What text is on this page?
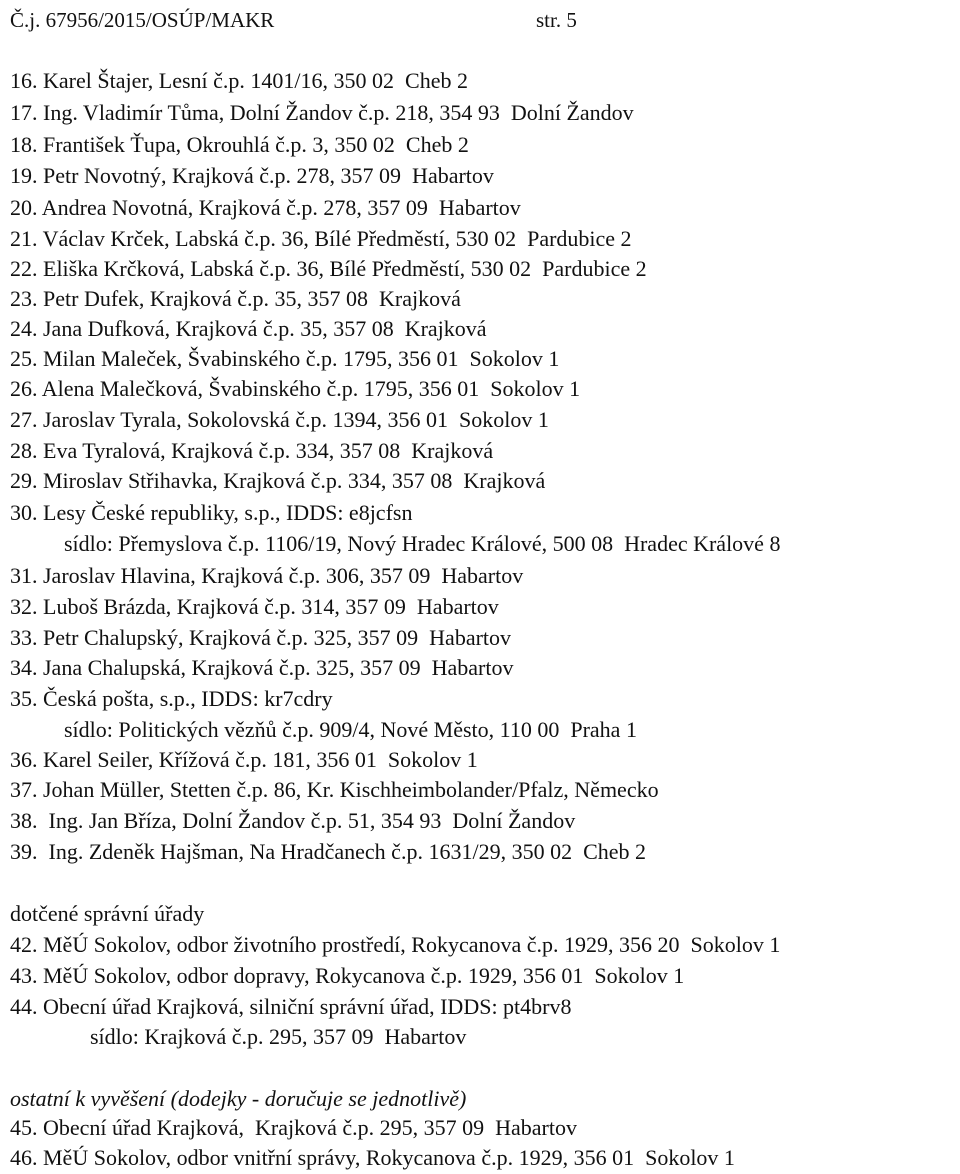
Č.j. 67956/2015/OSÚP/MAKR	str. 5
16. Karel Štajer, Lesní č.p. 1401/16, 350 02  Cheb 2
17. Ing. Vladimír Tůma, Dolní Žandov č.p. 218, 354 93  Dolní Žandov
18. František Ťupa, Okrouhlá č.p. 3, 350 02  Cheb 2
19. Petr Novotný, Krajková č.p. 278, 357 09  Habartov
20. Andrea Novotná, Krajková č.p. 278, 357 09  Habartov
21. Václav Krček, Labská č.p. 36, Bílé Předměstí, 530 02  Pardubice 2
22. Eliška Krčková, Labská č.p. 36, Bílé Předměstí, 530 02  Pardubice 2
23. Petr Dufek, Krajková č.p. 35, 357 08  Krajková
24. Jana Dufková, Krajková č.p. 35, 357 08  Krajková
25. Milan Maleček, Švabinského č.p. 1795, 356 01  Sokolov 1
26. Alena Malečková, Švabinského č.p. 1795, 356 01  Sokolov 1
27. Jaroslav Tyrala, Sokolovská č.p. 1394, 356 01  Sokolov 1
28. Eva Tyralová, Krajková č.p. 334, 357 08  Krajková
29. Miroslav Střihavka, Krajková č.p. 334, 357 08  Krajková
30. Lesy České republiky, s.p., IDDS: e8jcfsn
sídlo: Přemyslova č.p. 1106/19, Nový Hradec Králové, 500 08  Hradec Králové 8
31. Jaroslav Hlavina, Krajková č.p. 306, 357 09  Habartov
32. Luboš Brázda, Krajková č.p. 314, 357 09  Habartov
33. Petr Chalupský, Krajková č.p. 325, 357 09  Habartov
34. Jana Chalupská, Krajková č.p. 325, 357 09  Habartov
35. Česká pošta, s.p., IDDS: kr7cdry
sídlo: Politických vězňů č.p. 909/4, Nové Město, 110 00  Praha 1
36. Karel Seiler, Křížová č.p. 181, 356 01  Sokolov 1
37. Johan Müller, Stetten č.p. 86, Kr. Kischheimbolander/Pfalz, Německo
38.  Ing. Jan Bříza, Dolní Žandov č.p. 51, 354 93  Dolní Žandov
39.  Ing. Zdeněk Hajšman, Na Hradčanech č.p. 1631/29, 350 02  Cheb 2
dotčené správní úřady
42. MěÚ Sokolov, odbor životního prostředí, Rokycanova č.p. 1929, 356 20  Sokolov 1
43. MěÚ Sokolov, odbor dopravy, Rokycanova č.p. 1929, 356 01  Sokolov 1
44. Obecní úřad Krajková, silniční správní úřad, IDDS: pt4brv8
sídlo: Krajková č.p. 295, 357 09  Habartov
ostatní k vyvěšení (dodejky - doručuje se jednotlivě)
45. Obecní úřad Krajková,  Krajková č.p. 295, 357 09  Habartov
46. MěÚ Sokolov, odbor vnitřní správy, Rokycanova č.p. 1929, 356 01  Sokolov 1
